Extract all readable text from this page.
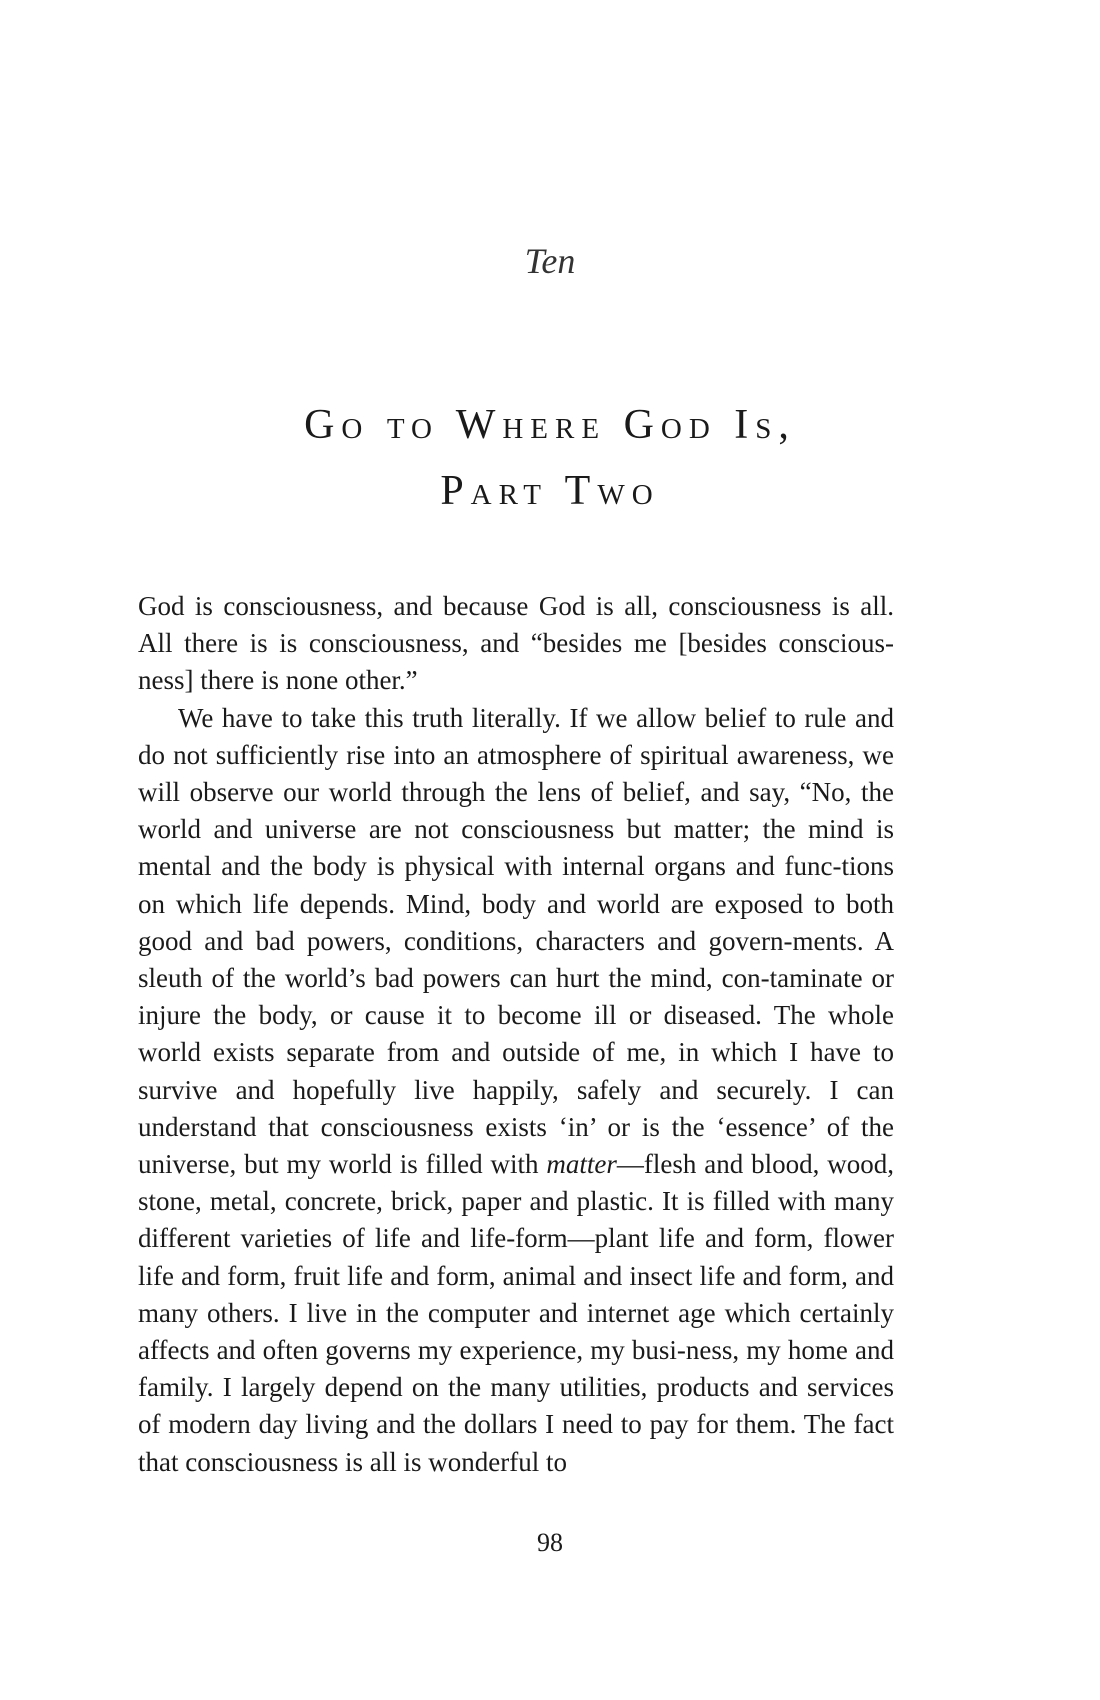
Ten

Go to Where God Is,
Part Two

God is consciousness, and because God is all, consciousness is all. All there is is consciousness, and “besides me [besides conscious-ness] there is none other.”

We have to take this truth literally. If we allow belief to rule and do not sufficiently rise into an atmosphere of spiritual awareness, we will observe our world through the lens of belief, and say, “No, the world and universe are not consciousness but matter; the mind is mental and the body is physical with internal organs and func-tions on which life depends. Mind, body and world are exposed to both good and bad powers, conditions, characters and govern-ments. A sleuth of the world’s bad powers can hurt the mind, con-taminate or injure the body, or cause it to become ill or diseased. The whole world exists separate from and outside of me, in which I have to survive and hopefully live happily, safely and securely. I can understand that consciousness exists ‘in’ or is the ‘essence’ of the universe, but my world is filled with matter—flesh and blood, wood, stone, metal, concrete, brick, paper and plastic. It is filled with many different varieties of life and life-form—plant life and form, flower life and form, fruit life and form, animal and insect life and form, and many others. I live in the computer and internet age which certainly affects and often governs my experience, my busi-ness, my home and family. I largely depend on the many utilities, products and services of modern day living and the dollars I need to pay for them. The fact that consciousness is all is wonderful to

98
